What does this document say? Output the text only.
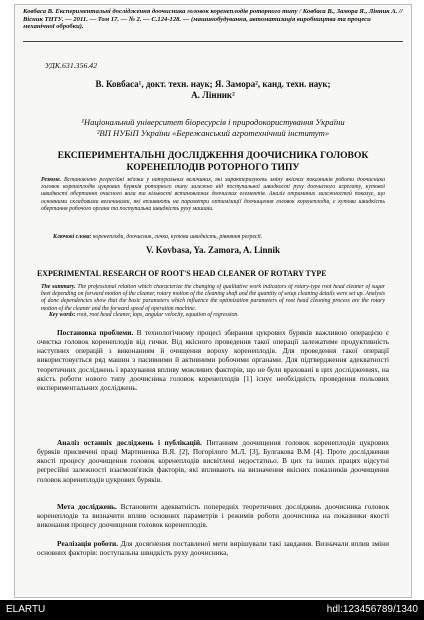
Ковбаса В. Експериментальні дослідження доочисника головок коренеплодів роторного типу / Ковбаса В., Замора Я., Лінник А. // Вісник ТНТУ. — 2011. — Том 17. — № 2. — С.124-128. — (машинобудування, автоматизація виробництва та процеси механічної обробки).
УДК.631.356.42
В. Ковбаса¹, докт. техн. наук; Я. Замора², канд. техн. наук;
А. Лінник²
¹Національний університет біоресурсів і природокористування України
²ВП НУБіП України «Бережанський агротехнічний інститут»
ЕКСПЕРИМЕНТАЛЬНІ ДОСЛІДЖЕННЯ ДООЧИСНИКА ГОЛОВОК КОРЕНЕПЛОДІВ РОТОРНОГО ТИПУ
Резюме. Встановлено регресійні зв'язки у натуральних величинах, які характеризують зміну якісних показників роботи доочисника головок коренеплодів цукрових буряків роторного типу залежно від поступальної швидкості руху доочисного агрегату, кутової швидкості обертання очисного вала та кількості встановлених доочисних елементів. Аналіз отриманих залежностей показує, що основними складовими величинами, які впливають на параметри оптимізації доочищення головок коренеплодів, є кутова швидкість обертання робочого органа та поступальна швидкість руху машини.
Ключові слова: коренеплоди, доочисник, гичка, кутова швидкість, рівняння регресії.
V. Kovbasa, Ya. Zamora, A. Linnik
EXPERIMENTAL RESEARCH OF ROOT'S HEAD CLEANER OF ROTARY TYPE
The summary. The professional relation which characterize the changing of qualitative work indicators of rotary-type root head cleaner of sugar beet depending on forward motion of the cleaner, rotary motion of the cleaning shaft and the quantity of setup cleaning details were set up. Analysis of done dependencies show that the basic parameters which influence the optimization parameters of root head cleaning process are the rotary motion of the cleaner and the forward speed of operation machine.
Key words: root, root head cleaner, tops, angular velocity, equation of regression.
Постановка проблеми. В технологічному процесі збирання цукрових буряків важливою операцією є очистка головок коренеплодів від гички. Від якісного проведення такої операції залежатиме продуктивність наступних операцій з виконанням й очищення вороху коренеплодів. Для проведення такої операції використовується ряд машин з пасивними й активними робочими органами. Для підтвердження адекватності теоретичних досліджень і врахування впливу можливих факторів, що не були враховані в цих дослідженнях, на якість роботи нового типу доочисника головок коренеплодів [1] існує необхідність проведення польових експериментальних досліджень.
Аналіз останніх досліджень і публікацій. Питанням доочищення головок коренеплодів цукрових буряків присвячені праці Мартиненка В.Я. [2], Погорілого М.Л. [3], Булгакова В.М [4]. Проте дослідження якості процесу доочищення головок коренеплодів висвітлені недостатньо. В цих та інших працях відсутні регресійні залежності взаємозв'язків факторів, які впливають на визначення якісних показників доочищення головок коренеплодів цукрових буряків.
Мета досліджень. Встановити адекватність попередніх теоретичних досліджень доочисника головок коренеплодів та визначити вплив основних параметрів і режимів роботи доочисника на показники якості виконання процесу доочищення головок коренеплодів.
Реалізація роботи. Для досягнення поставленої мети вирішували такі завдання. Визначали вплив зміни основних факторів: поступальна швидкість руху доочисника,
ELARTU	hdl:123456789/1340
